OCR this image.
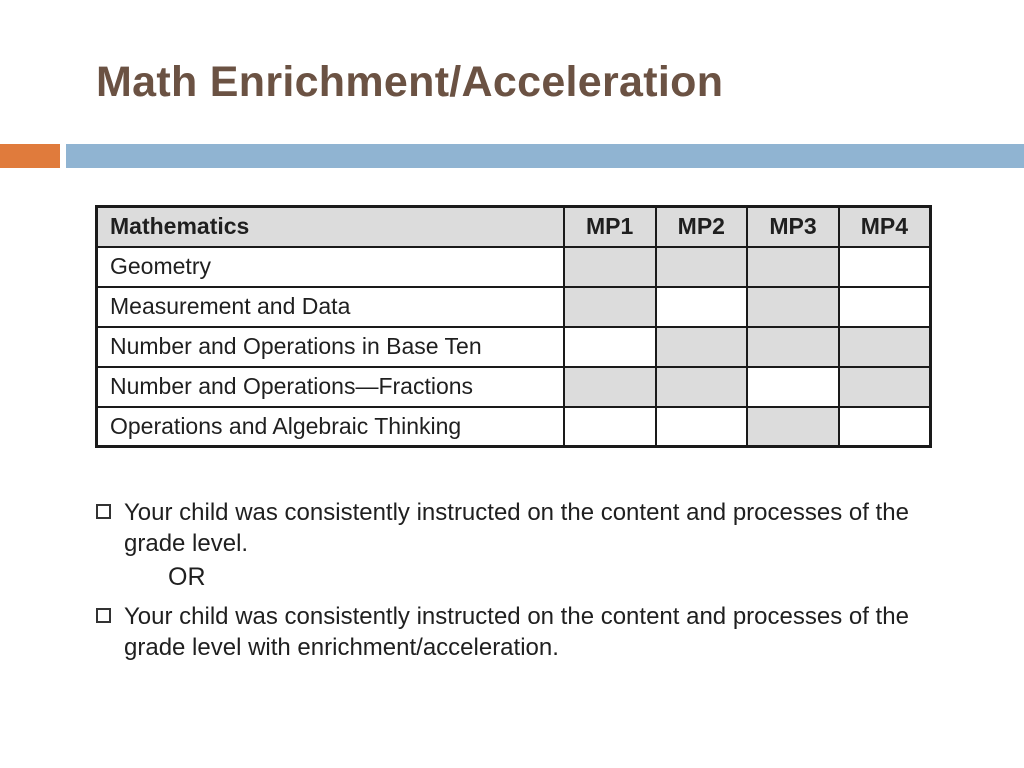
Math Enrichment/Acceleration
Mathematics	MP1	MP2	MP3	MP4
Geometry				
Measurement and Data				
Number and Operations in Base Ten				
Number and Operations—Fractions				
Operations and Algebraic Thinking				
Your child was consistently instructed on the content and processes of the grade level.
OR
Your child was consistently instructed on the content and processes of the grade level with enrichment/acceleration.
